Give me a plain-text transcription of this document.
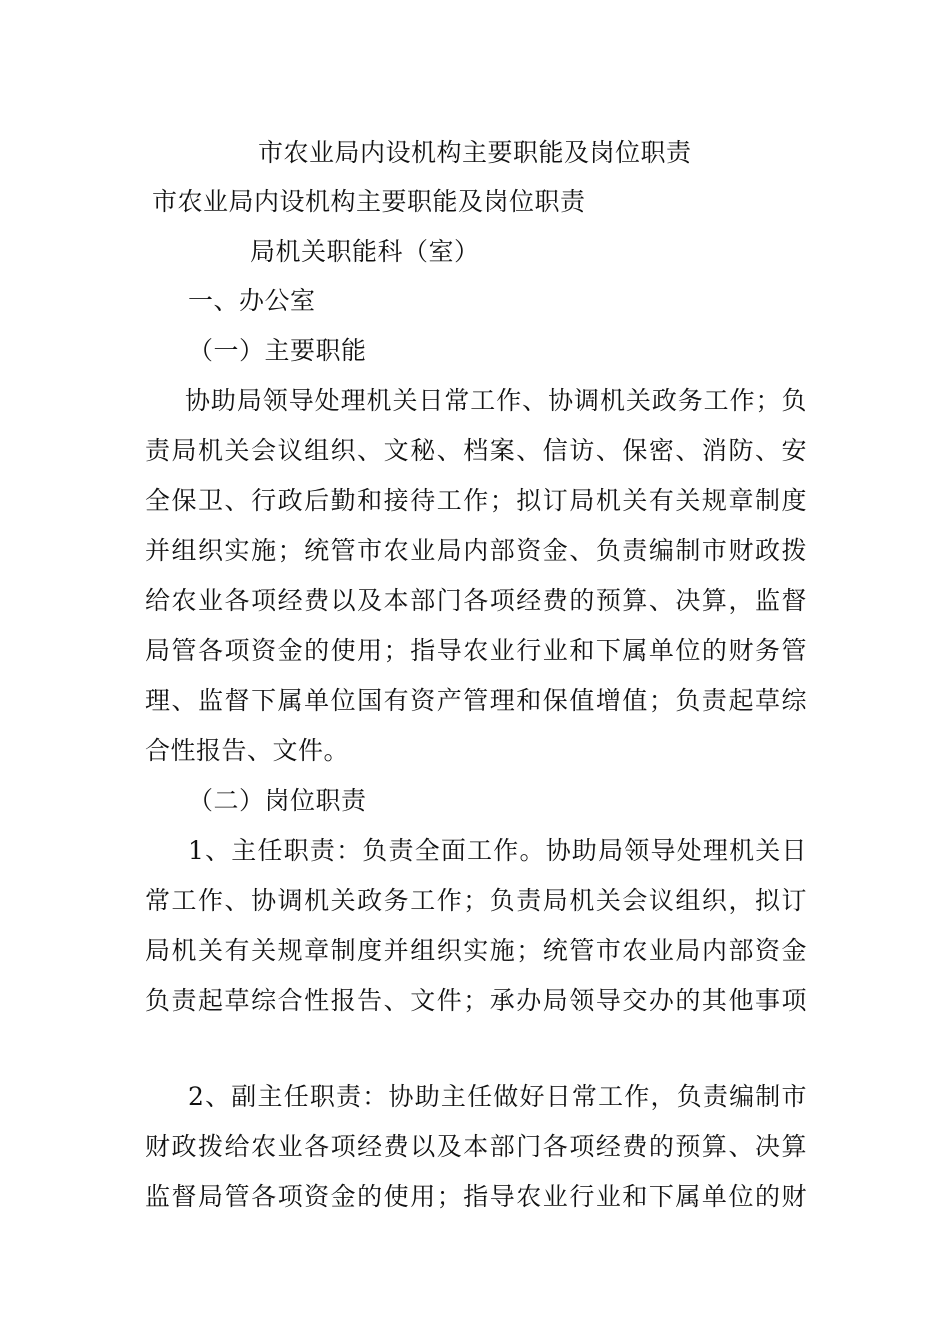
市农业局内设机构主要职能及岗位职责
市农业局内设机构主要职能及岗位职责
局机关职能科（室）
一、办公室
（一）主要职能
协助局领导处理机关日常工作、协调机关政务工作；负
责局机关会议组织、文秘、档案、信访、保密、消防、安
全保卫、行政后勤和接待工作；拟订局机关有关规章制度
并组织实施；统管市农业局内部资金、负责编制市财政拨
给农业各项经费以及本部门各项经费的预算、决算，监督
局管各项资金的使用；指导农业行业和下属单位的财务管
理、监督下属单位国有资产管理和保值增值；负责起草综
合性报告、文件。
（二）岗位职责
1、主任职责：负责全面工作。协助局领导处理机关日
常工作、协调机关政务工作；负责局机关会议组织，拟订
局机关有关规章制度并组织实施；统管市农业局内部资金
负责起草综合性报告、文件；承办局领导交办的其他事项
2、副主任职责：协助主任做好日常工作，负责编制市
财政拨给农业各项经费以及本部门各项经费的预算、决算
监督局管各项资金的使用；指导农业行业和下属单位的财
